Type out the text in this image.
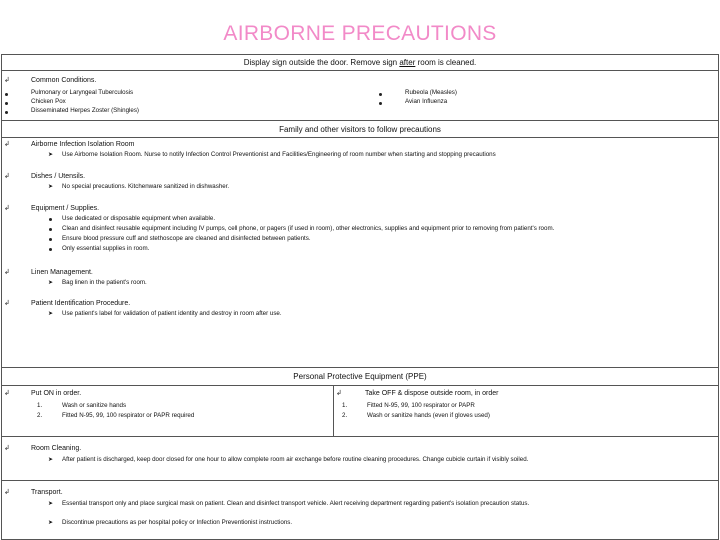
AIRBORNE PRECAUTIONS
Display sign outside the door. Remove sign after room is cleaned.
↲	Common Conditions.
Pulmonary or Laryngeal Tuberculosis
Chicken Pox
Disseminated Herpes Zoster (Shingles)
Rubeola (Measles)
Avian Influenza
Family and other visitors to follow precautions
↲	Airborne Infection Isolation Room
➤ Use Airborne Isolation Room. Nurse to notify Infection Control Preventionist and Facilities/Engineering of room number when starting and stopping precautions
↲	Dishes / Utensils.
➤ No special precautions. Kitchenware sanitized in dishwasher.
↲	Equipment / Supplies.
Use dedicated or disposable equipment when available.
Clean and disinfect reusable equipment including IV pumps, cell phone, or pagers (if used in room), other electronics, supplies and equipment prior to removing from patient's room.
Ensure blood pressure cuff and stethoscope are cleaned and disinfected between patients.
Only essential supplies in room.
↲	Linen Management.
➤ Bag linen in the patient's room.
↲	Patient Identification Procedure.
➤ Use patient's label for validation of patient identity and destroy in room after use.
Personal Protective Equipment (PPE)
↲	Put ON in order.
1.	Wash or sanitize hands
2.	Fitted N-95, 99, 100 respirator or PAPR required
↲	Take OFF & dispose outside room, in order
1.	Fitted N-95, 99, 100 respirator or PAPR
2.	Wash or sanitize hands (even if gloves used)
↲	Room Cleaning.
➤ After patient is discharged, keep door closed for one hour to allow complete room air exchange before routine cleaning procedures. Change cubicle curtain if visibly soiled.
↲	Transport.
➤ Essential transport only and place surgical mask on patient. Clean and disinfect transport vehicle. Alert receiving department regarding patient's isolation precaution status.
➤ Discontinue precautions as per hospital policy or Infection Preventionist instructions.
